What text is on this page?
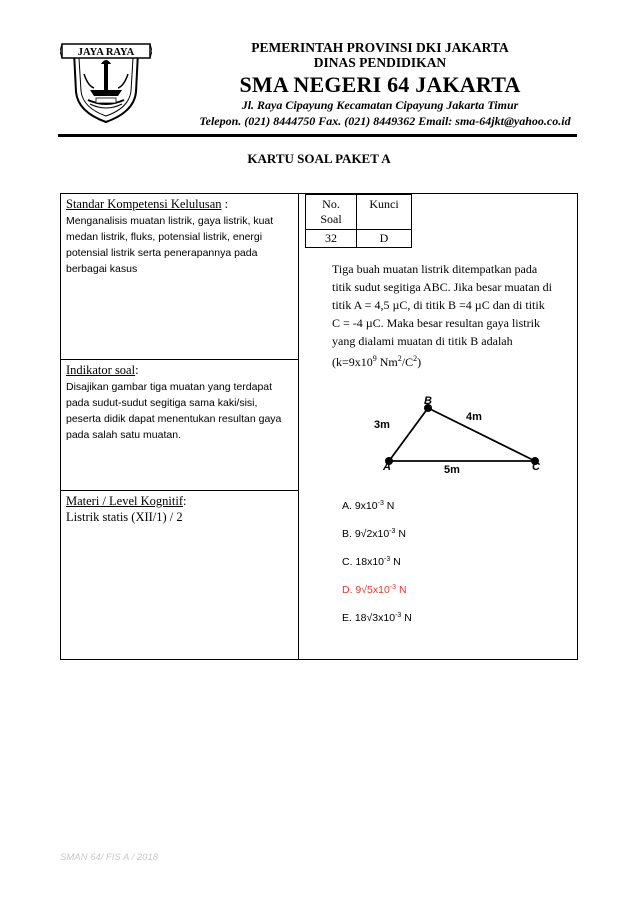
JAYA RAYA	PEMERINTAH PROVINSI DKI JAKARTA
DINAS PENDIDIKAN
SMA NEGERI 64 JAKARTA
Jl. Raya Cipayung Kecamatan Cipayung Jakarta Timur
Telepon. (021) 8444750 Fax. (021) 8449362 Email: sma-64jkt@yahoo.co.id
KARTU SOAL PAKET A
Standar Kompetensi Kelulusan :
Menganalisis muatan listrik, gaya listrik, kuat
medan listrik, fluks, potensial listrik, energi
potensial listrik serta penerapannya pada
berbagai kasus
Indikator soal:
Disajikan gambar tiga muatan yang terdapat
pada sudut-sudut segitiga sama kaki/sisi,
peserta didik dapat menentukan resultan gaya
pada salah satu muatan.
Materi / Level Kognitif:
Listrik statis (XII/1) / 2
No.
Soal	Kunci
32	D
Tiga buah muatan listrik ditempatkan pada
titik sudut segitiga ABC. Jika besar muatan di
titik A = 4,5 µC, di titik B =4 µC dan di titik
C = -4 µC. Maka besar resultan gaya listrik
yang dialami muatan di titik B adalah
($k=9x10^9$ $Nm^2/C^2$)
B
A	C
3m
4m
5m
A. $9x10^{-3}$ N
B. $9√2x10^{-3}$ N
C. $18x10^{-3}$ N
D. $9√5x10^{-3}$ N
E. $18√3x10^{-3}$ N
SMAN 64/ FIS A / 2018
